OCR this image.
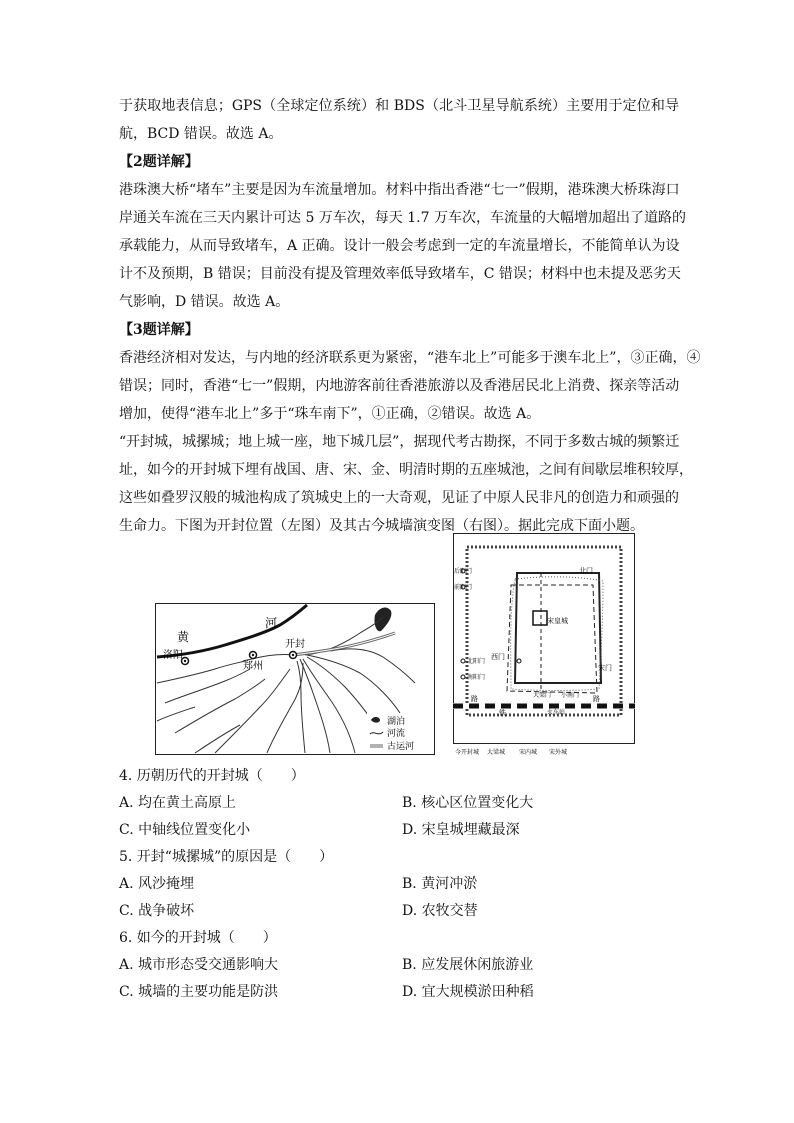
于获取地表信息；GPS（全球定位系统）和 BDS（北斗卫星导航系统）主要用于定位和导
航，BCD 错误。故选 A。
【2题详解】
港珠澳大桥“堵车”主要是因为车流量增加。材料中指出香港“七一”假期，港珠澳大桥珠海口
岸通关车流在三天内累计可达 5 万车次，每天 1.7 万车次，车流量的大幅增加超出了道路的
承载能力，从而导致堵车，A 正确。设计一般会考虑到一定的车流量增长，不能简单认为设
计不及预期，B 错误；目前没有提及管理效率低导致堵车，C 错误；材料中也未提及恶劣天
气影响，D 错误。故选 A。
【3题详解】
香港经济相对发达，与内地的经济联系更为紧密，“港车北上”可能多于澳车北上”，③正确，④
错误；同时，香港“七一”假期，内地游客前往香港旅游以及香港居民北上消费、探亲等活动
增加，使得“港车北上”多于“珠车南下”，①正确，②错误。故选 A。
“开封城，城摞城；地上城一座，地下城几层”，据现代考古勘探，不同于多数古城的频繁迁
址，如今的开封城下埋有战国、唐、宋、金、明清时期的五座城池，之间有间歇层堆积较厚，
这些如叠罗汉般的城池构成了筑城史上的一大奇观，见证了中原人民非凡的创造力和顽强的
生命力。下图为开封位置（左图）及其古今城墙演变图（右图）。据此完成下面小题。
黄
河
开封
洛阳
郑州
湖泊
河流
古运河
宋皇城
北门
西门
宋门
后阳门
前阳门
北阳门
南阳门
大梁门 小南门
火车站
路	路
铁
今开封城 大梁城 宋内城 宋外城
4. 历朝历代的开封城（　　）
A. 均在黄土高原上	B. 核心区位置变化大
C. 中轴线位置变化小	D. 宋皇城埋藏最深
5. 开封“城摞城”的原因是（　　）
A. 风沙掩埋	B. 黄河冲淤
C. 战争破坏	D. 农牧交替
6. 如今的开封城（　　）
A. 城市形态受交通影响大	B. 应发展休闲旅游业
C. 城墙的主要功能是防洪	D. 宜大规模淤田种稻
